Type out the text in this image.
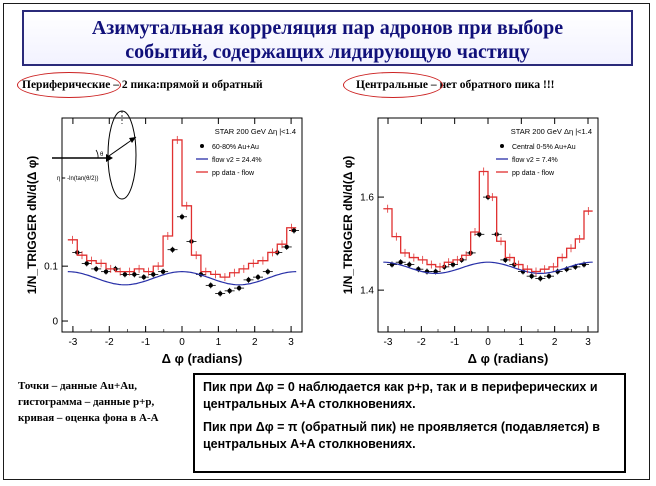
Азимутальная корреляция пар адронов при выборе
событий, содержащих лидирующую частицу
Периферические – 2 пика:прямой и обратный	Центральные – нет обратного пика !!!
θ
η = -ln(tan(θ/2))
-3	-2	-1	0	1	2	3
0
0.1
Δ φ (radians)
1/N_TRIGGER dN/d(Δ φ)
STAR 200 GeV Δη |<1.4
60-80% Au+Au
flow v2 = 24.4%
pp data - flow
-3 -2 -1	0	1	2	3
1.4
1.6
Δ φ (radians)
1/N_TRIGGER dN/d(Δ φ)
STAR 200 GeV Δη |<1.4
Central 0-5% Au+Au
flow v2 = 7.4%
pp data - flow
Точки – данные Au+Au,
гистограмма – данные p+p,
кривая – оценка фона в A-A

Пик при Δφ = 0 наблюдается как p+p, так и в периферических и центральных A+A столкновениях.

Пик при Δφ = π (обратный пик) не проявляется (подавляется) в центральных A+A столкновениях.
